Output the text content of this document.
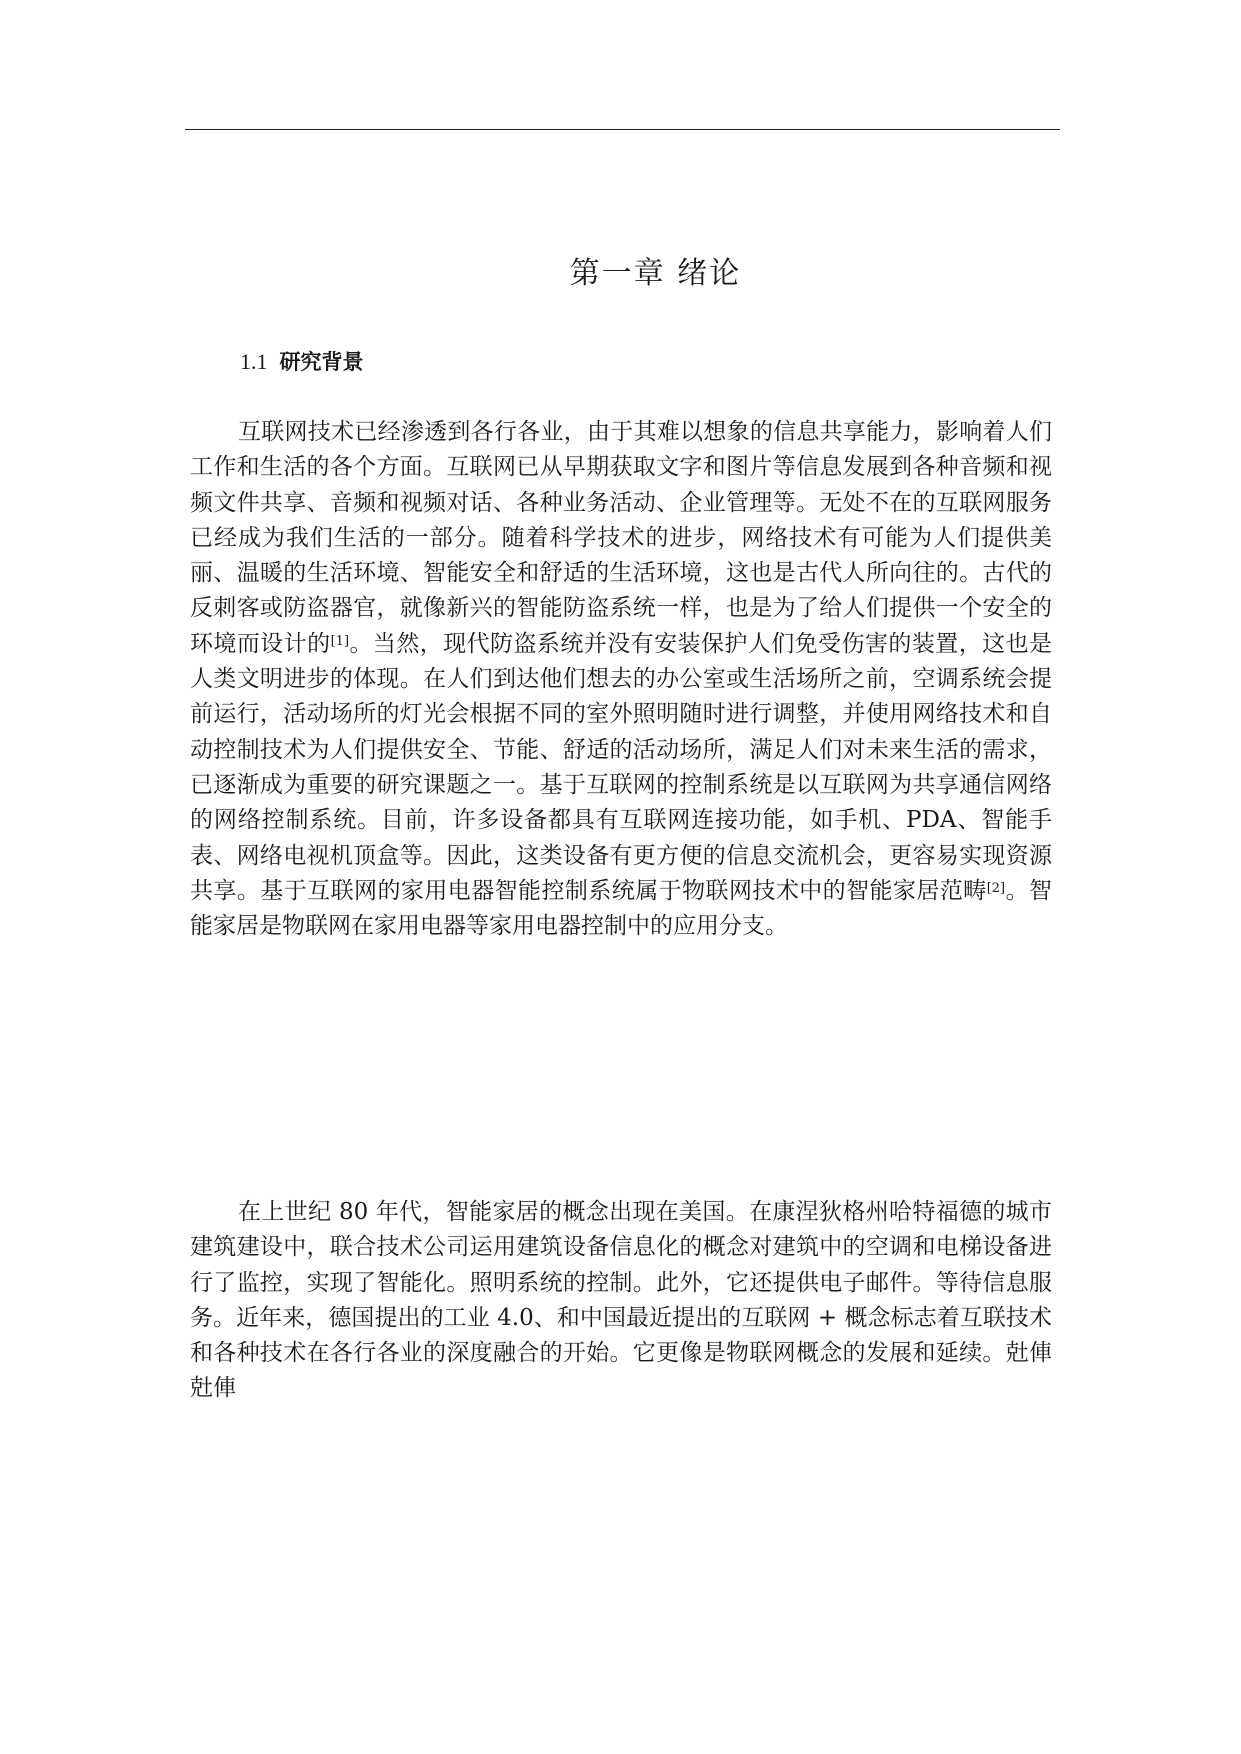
第一章 绪论
1.1 研究背景

互联网技术已经渗透到各行各业，由于其难以想象的信息共享能力，影响着人们工作和生活的各个方面。互联网已从早期获取文字和图片等信息发展到各种音频和视频文件共享、音频和视频对话、各种业务活动、企业管理等。无处不在的互联网服务已经成为我们生活的一部分。随着科学技术的进步，网络技术有可能为人们提供美丽、温暖的生活环境、智能安全和舒适的生活环境，这也是古代人所向往的。古代的反刺客或防盗器官，就像新兴的智能防盗系统一样，也是为了给人们提供一个安全的环境而设计的[1]。当然，现代防盗系统并没有安装保护人们免受伤害的装置，这也是人类文明进步的体现。在人们到达他们想去的办公室或生活场所之前，空调系统会提前运行，活动场所的灯光会根据不同的室外照明随时进行调整，并使用网络技术和自动控制技术为人们提供安全、节能、舒适的活动场所，满足人们对未来生活的需求，已逐渐成为重要的研究课题之一。基于互联网的控制系统是以互联网为共享通信网络的网络控制系统。目前，许多设备都具有互联网连接功能，如手机、PDA、智能手表、网络电视机顶盒等。因此，这类设备有更方便的信息交流机会，更容易实现资源共享。基于互联网的家用电器智能控制系统属于物联网技术中的智能家居范畴[2]。智能家居是物联网在家用电器等家用电器控制中的应用分支。

在上世纪 80 年代，智能家居的概念出现在美国。在康涅狄格州哈特福德的城市建筑建设中，联合技术公司运用建筑设备信息化的概念对建筑中的空调和电梯设备进行了监控，实现了智能化。照明系统的控制。此外，它还提供电子邮件。等待信息服务。近年来，德国提出的工业 4.0、和中国最近提出的互联网 + 概念标志着互联技术和各种技术在各行各业的深度融合的开始。它更像是物联网概念的发展和延续。兙俥兙俥
